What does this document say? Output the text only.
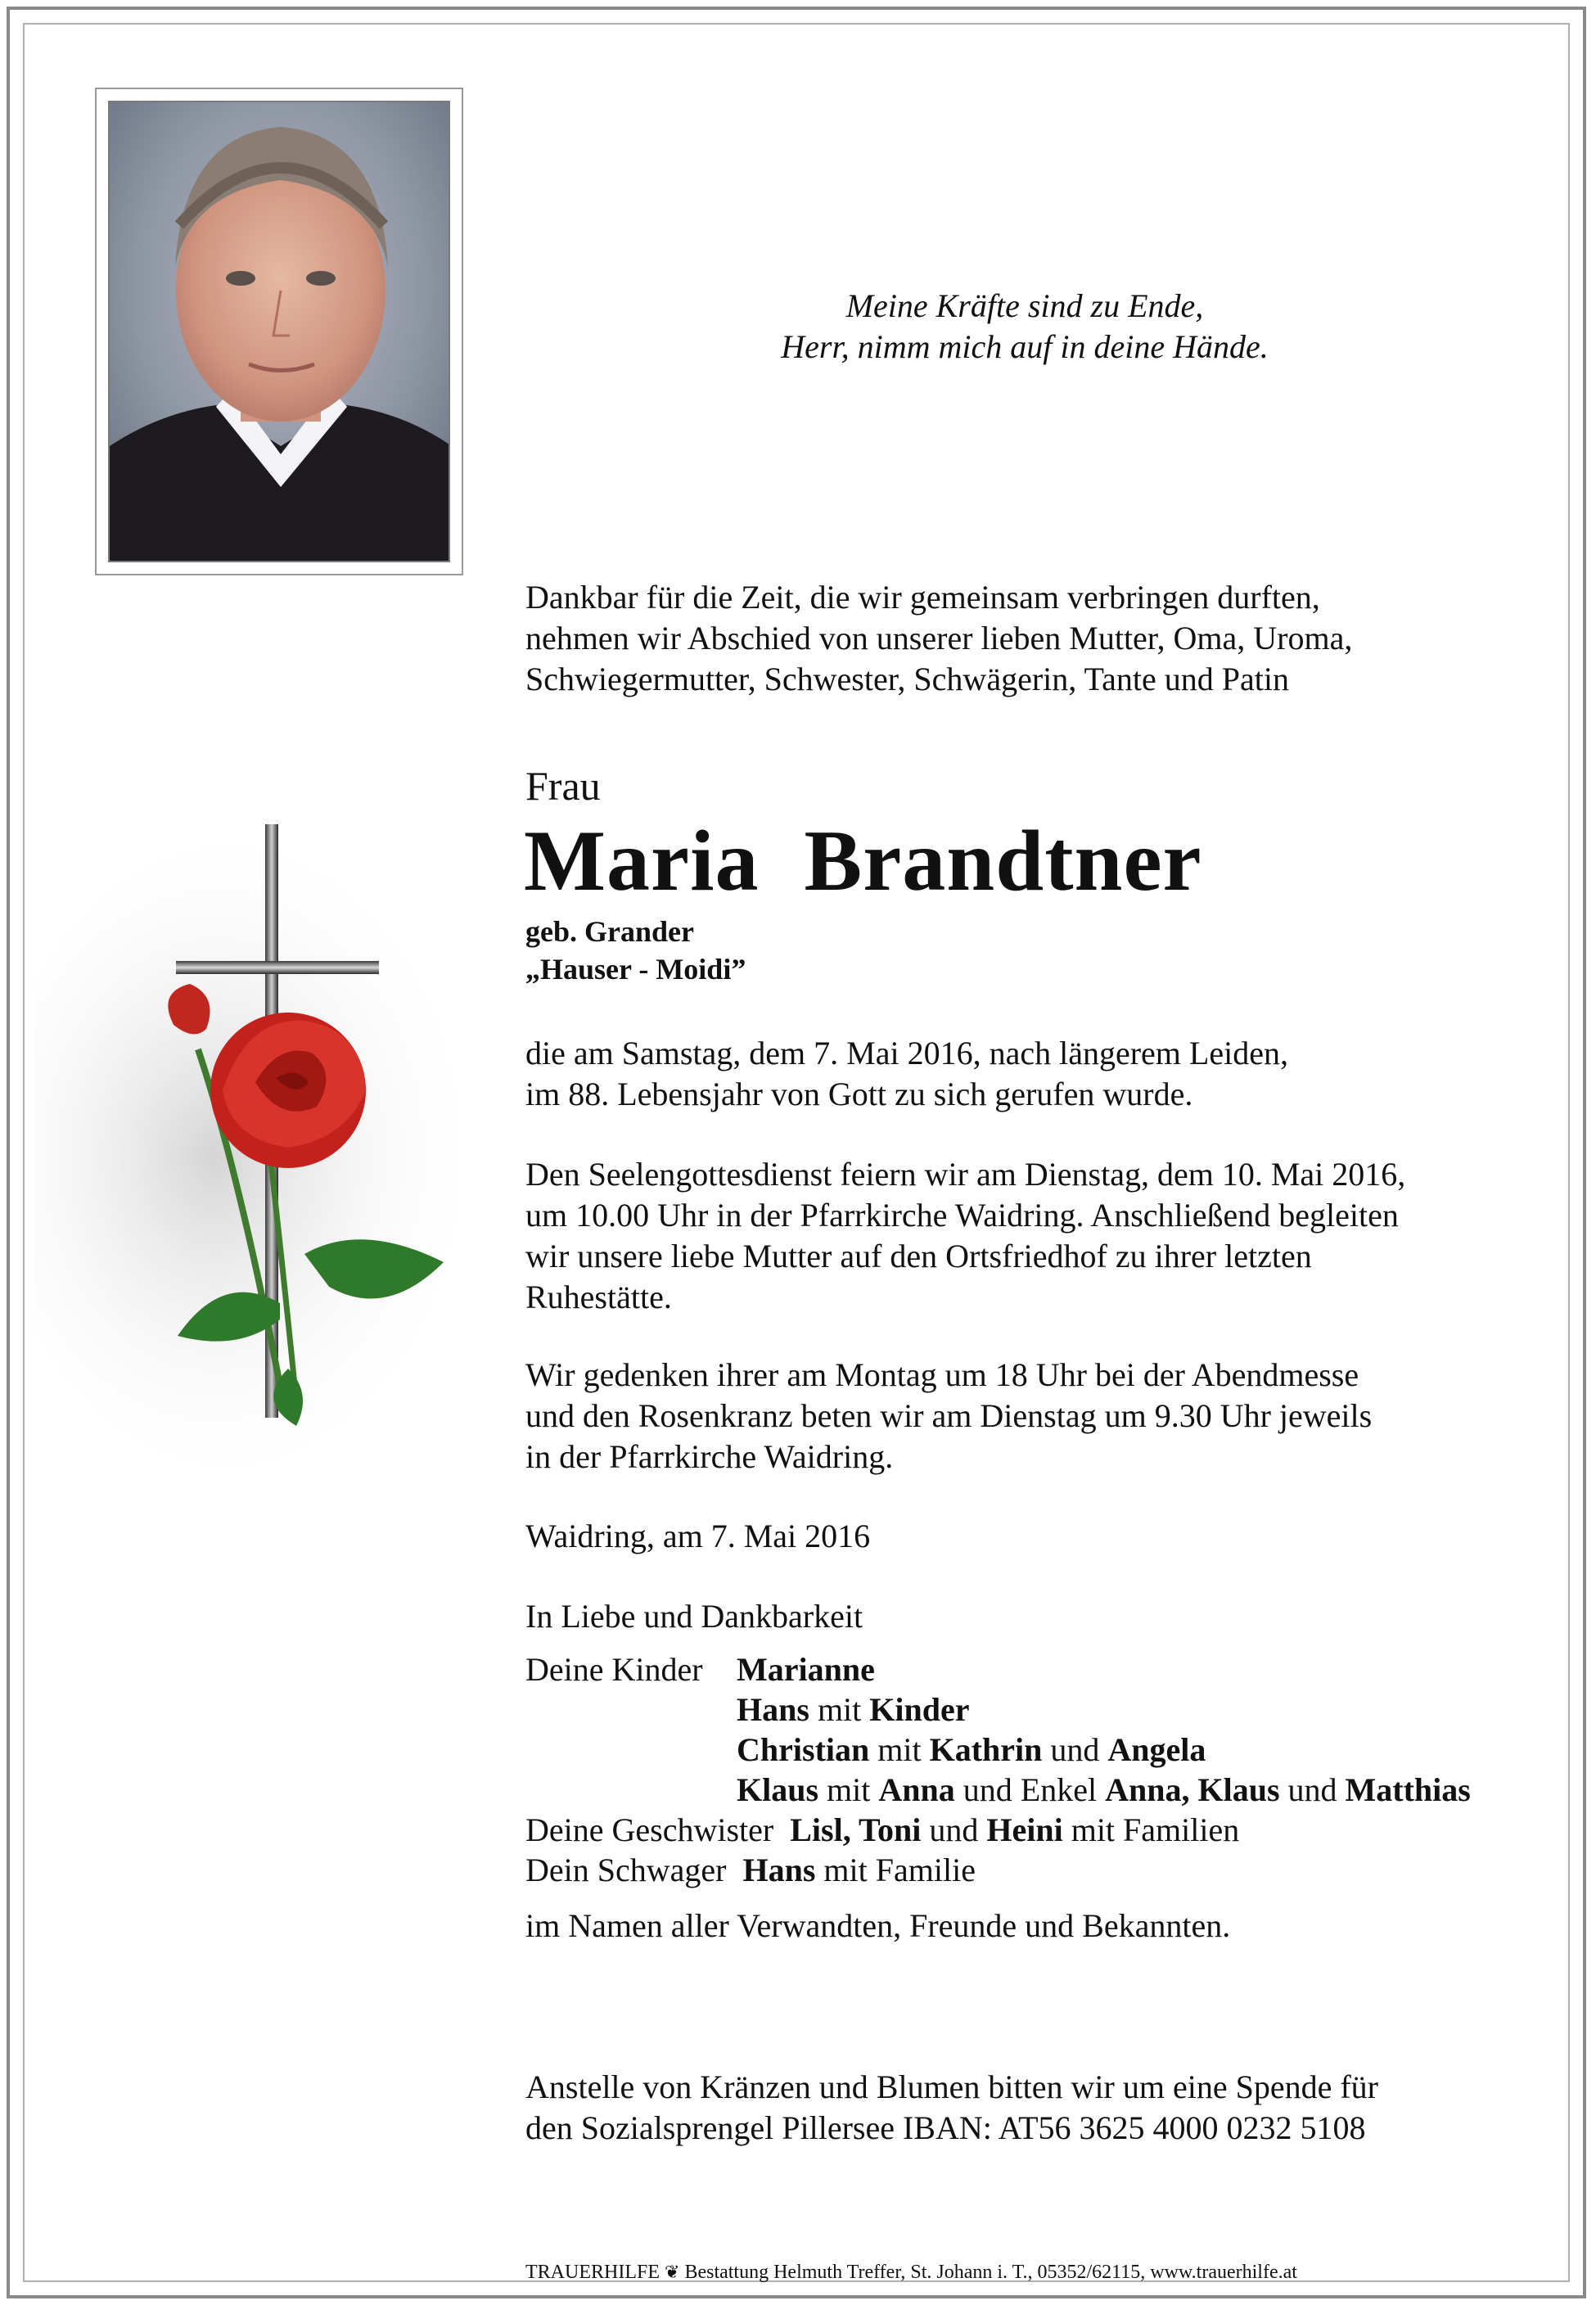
Meine Kräfte sind zu Ende,
Herr, nimm mich auf in deine Hände.
Dankbar für die Zeit, die wir gemeinsam verbringen durften,
nehmen wir Abschied von unserer lieben Mutter, Oma, Uroma,
Schwiegermutter, Schwester, Schwägerin, Tante und Patin
Frau
Maria  Brandtner
geb. Grander
„Hauser - Moidi”
die am Samstag, dem 7. Mai 2016, nach längerem Leiden,
im 88. Lebensjahr von Gott zu sich gerufen wurde.
Den Seelengottesdienst feiern wir am Dienstag, dem 10. Mai 2016,
um 10.00 Uhr in der Pfarrkirche Waidring. Anschließend begleiten
wir unsere liebe Mutter auf den Ortsfriedhof zu ihrer letzten
Ruhestätte.
Wir gedenken ihrer am Montag um 18 Uhr bei der Abendmesse
und den Rosenkranz beten wir am Dienstag um 9.30 Uhr jeweils
in der Pfarrkirche Waidring.
Waidring, am 7. Mai 2016
In Liebe und Dankbarkeit
Deine Kinder Marianne
Hans mit Kinder
Christian mit Kathrin und Angela
Klaus mit Anna und Enkel Anna, Klaus und Matthias
Deine Geschwister Lisl, Toni und Heini mit Familien
Dein Schwager Hans mit Familie
im Namen aller Verwandten, Freunde und Bekannten.
Anstelle von Kränzen und Blumen bitten wir um eine Spende für
den Sozialsprengel Pillersee IBAN: AT56 3625 4000 0232 5108
TRAUERHILFE ❦ Bestattung Helmuth Treffer, St. Johann i. T., 05352/62115, www.trauerhilfe.at
